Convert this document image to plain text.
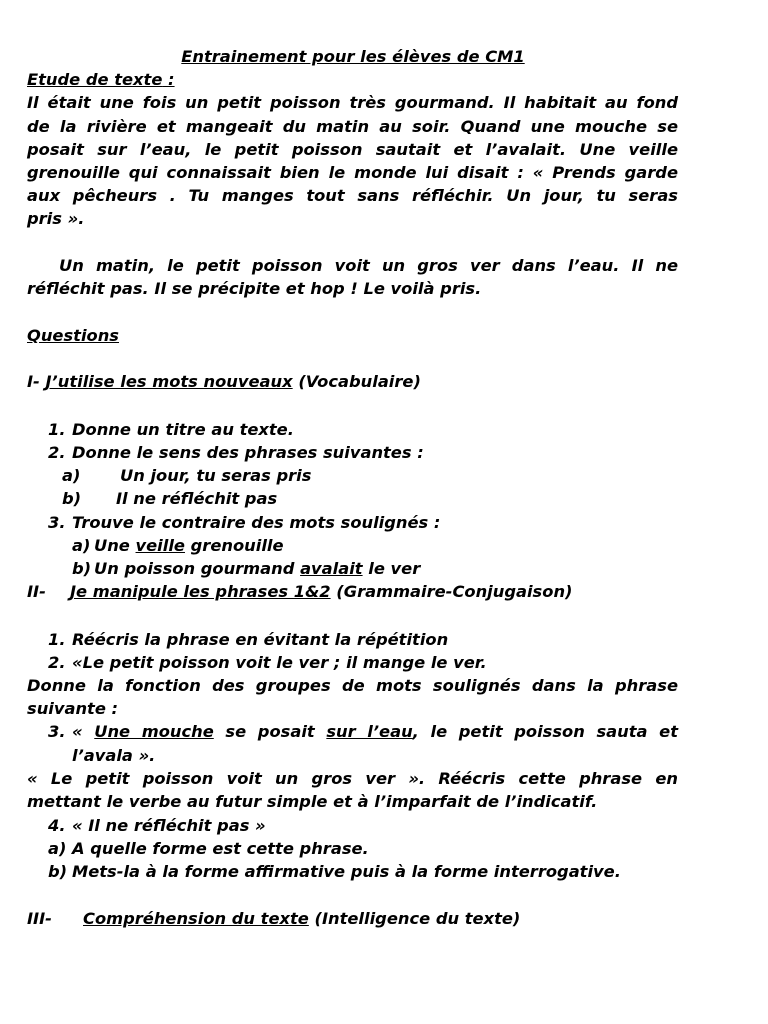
Entrainement pour les élèves de CM1
Etude de texte :
Il était une fois un petit poisson très gourmand. Il habitait au fond
de la rivière et mangeait du matin au soir. Quand une mouche se
posait sur l’eau, le petit poisson sautait et l’avalait. Une veille
grenouille qui connaissait bien le monde lui disait : « Prends garde
aux pêcheurs . Tu manges tout sans réfléchir. Un jour, tu seras
pris ».
Un matin, le petit poisson voit un gros ver dans l’eau. Il ne
réfléchit pas. Il se précipite et hop ! Le voilà pris.
Questions
I- J’utilise les mots nouveaux (Vocabulaire)
1. Donne un titre au texte.
2. Donne le sens des phrases suivantes :
a) Un jour, tu seras pris
b) Il ne réfléchit pas
3. Trouve le contraire des mots soulignés :
a) Une veille grenouille
b) Un poisson gourmand avalait le ver
II- Je manipule les phrases 1&2 (Grammaire-Conjugaison)
1. Réécris la phrase en évitant la répétition
2. «Le petit poisson voit le ver ; il mange le ver.
Donne la fonction des groupes de mots soulignés dans la phrase
suivante :
3. « Une mouche se posait sur l’eau, le petit poisson sauta et
l’avala ».
« Le petit poisson voit un gros ver ». Réécris cette phrase en
mettant le verbe au futur simple et à l’imparfait de l’indicatif.
4. « Il ne réfléchit pas »
a) A quelle forme est cette phrase.
b) Mets-la à la forme affirmative puis à la forme interrogative.
III- Compréhension du texte (Intelligence du texte)
